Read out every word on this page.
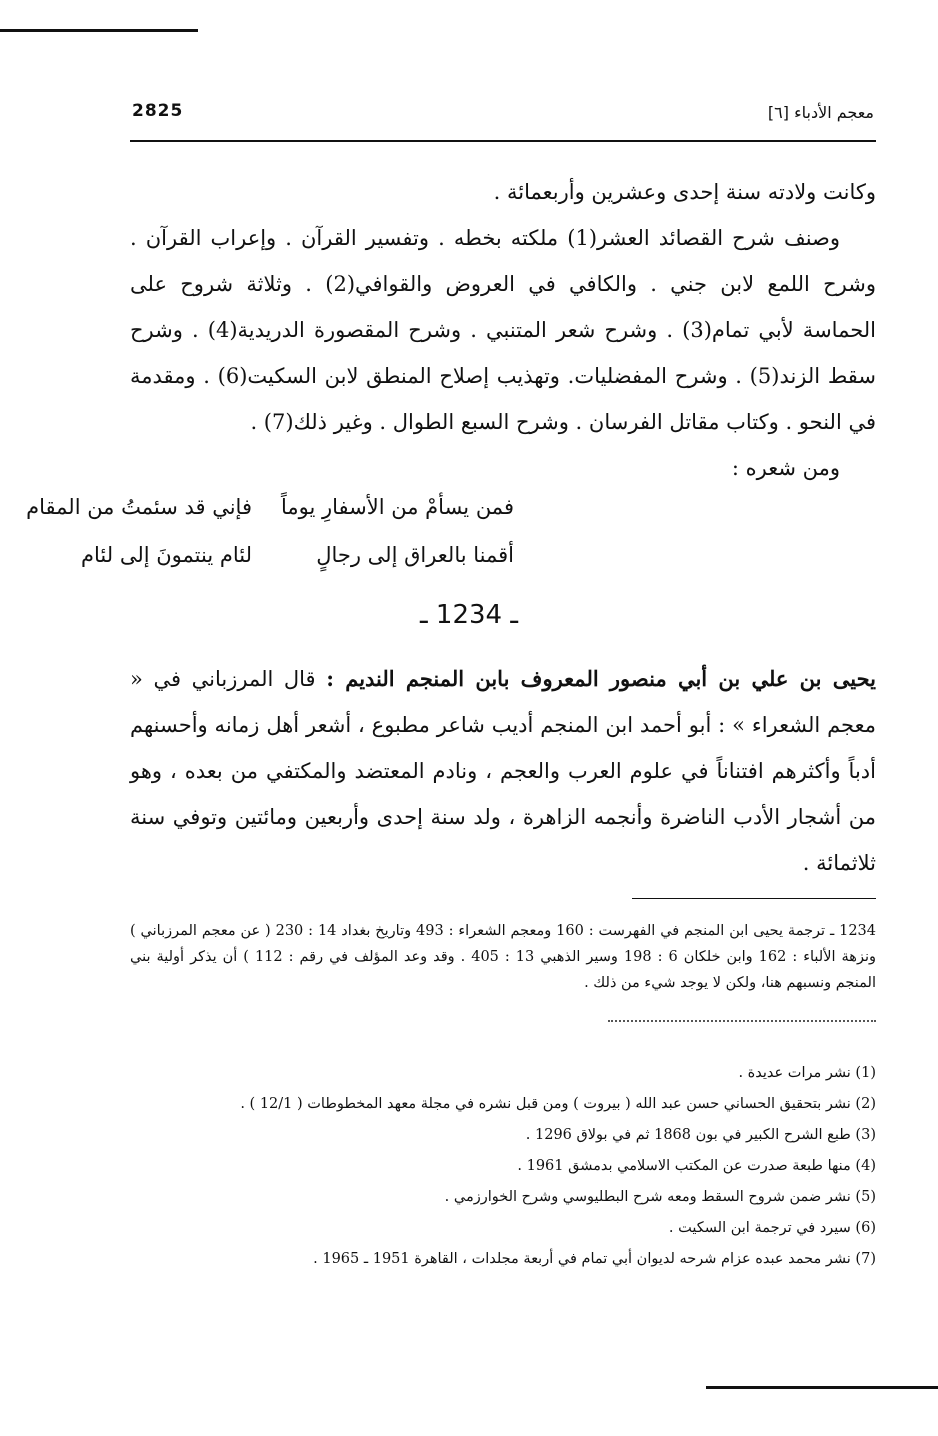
معجم الأدباء [٦]
2825

وكانت ولادته سنة إحدى وعشرين وأربعمائة .

وصنف شرح القصائد العشر(1) ملكته بخطه . وتفسير القرآن . وإعراب القرآن . وشرح اللمع لابن جني . والكافي في العروض والقوافي(2) . وثلاثة شروح على الحماسة لأبي تمام(3) . وشرح شعر المتنبي . وشرح المقصورة الدريدية(4) . وشرح سقط الزند(5) . وشرح المفضليات. وتهذيب إصلاح المنطق لابن السكيت(6) . ومقدمة في النحو . وكتاب مقاتل الفرسان . وشرح السبع الطوال . وغير ذلك(7) .

ومن شعره :

فمن يسأمْ من الأسفارِ يوماً
فإني قد سئمتُ من المقام
أقمنا بالعراق إلى رجالٍ
لئام ينتمونَ إلى لئام
ـ 1234 ـ

يحيى بن علي بن أبي منصور المعروف بابن المنجم النديم : قال المرزباني في « معجم الشعراء » : أبو أحمد ابن المنجم أديب شاعر مطبوع ، أشعر أهل زمانه وأحسنهم أدباً وأكثرهم افتناناً في علوم العرب والعجم ، ونادم المعتضد والمكتفي من بعده ، وهو من أشجار الأدب الناضرة وأنجمه الزاهرة ، ولد سنة إحدى وأربعين ومائتين وتوفي سنة ثلاثمائة .

1234 ـ ترجمة يحيى ابن المنجم في الفهرست : 160 ومعجم الشعراء : 493 وتاريخ بغداد 14 : 230 ( عن معجم المرزباني ) ونزهة الألباء : 162 وابن خلكان 6 : 198 وسير الذهبي 13 : 405 . وقد وعد المؤلف في رقم : 112 ) أن يذكر أولية بني المنجم ونسبهم هنا، ولكن لا يوجد شيء من ذلك .
(1) نشر مرات عديدة .
(2) نشر بتحقيق الحساني حسن عبد الله ( بيروت ) ومن قبل نشره في مجلة معهد المخطوطات ( 12/1 ) .
(3) طبع الشرح الكبير في بون 1868 ثم في بولاق 1296 .
(4) منها طبعة صدرت عن المكتب الاسلامي بدمشق 1961 .
(5) نشر ضمن شروح السقط ومعه شرح البطليوسي وشرح الخوارزمي .
(6) سيرد في ترجمة ابن السكيت .
(7) نشر محمد عبده عزام شرحه لديوان أبي تمام في أربعة مجلدات ، القاهرة 1951 ـ 1965 .
